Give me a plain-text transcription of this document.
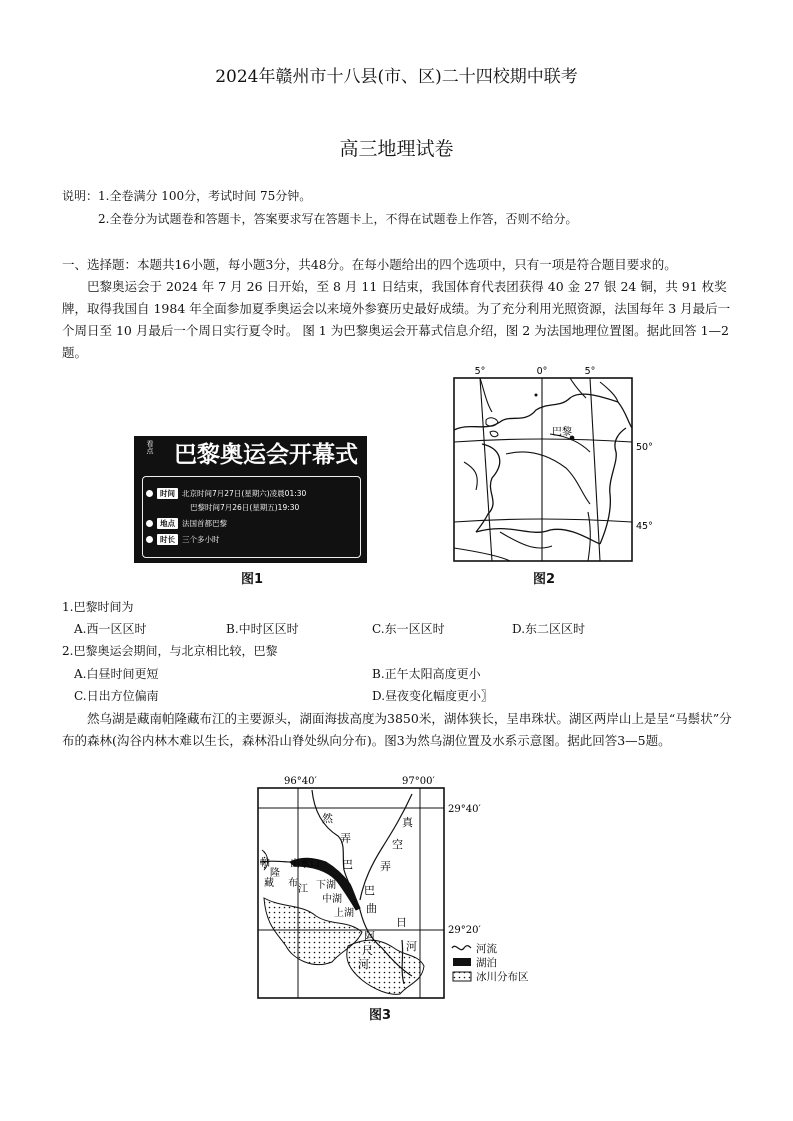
2024年赣州市十八县(市、区)二十四校期中联考
高三地理试卷
说明：1.全卷满分 100分，考试时间 75分钟。
2.全卷分为试题卷和答题卡，答案要求写在答题卡上，不得在试题卷上作答，否则不给分。
一、选择题：本题共16小题，每小题3分，共48分。在每小题给出的四个选项中，只有一项是符合题目要求的。
巴黎奥运会于 2024 年 7 月 26 日开始，至 8 月 11 日结束，我国体育代表团获得 40 金 27 银 24 铜，共 91 枚奖牌，取得我国自 1984 年全面参加夏季奥运会以来境外参赛历史最好成绩。为了充分利用光照资源，法国每年 3 月最后一个周日至 10 月最后一个周日实行夏令时。 图 1 为巴黎奥运会开幕式信息介绍，图 2 为法国地理位置图。据此回答 1—2 题。
看点 巴黎奥运会开幕式
时间 北京时间7月27日(星期六)凌晨01:30
巴黎时间7月26日(星期五)19:30
地点 法国首都巴黎
时长 三个多小时
图1
巴黎
5°	0°	5°
50°
45°
图2
1.巴黎时间为
A.西一区区时	B.中时区区时	C.东一区区时	D.东二区区时
2.巴黎奥运会期间，与北京相比较，巴黎
A.白昼时间更短	B.正午太阳高度更小
C.日出方位偏南	D.昼夜变化幅度更小〗
然乌湖是藏南帕隆藏布江的主要源头，湖面海拔高度为3850米，湖体狭长，呈串珠状。湖区两岸山上是呈“马鬃状”分布的森林(沟谷内林木难以生长，森林沿山脊处纵向分布)。图3为然乌湖位置及水系示意图。据此回答3—5题。
96°40′	97°00′
29°40′
29°20′
然
弄
真
空
弄
出水口 巴
巴
曲
下湖
中湖
上湖
日
阿
尺
河
河
帕
隆
藏 布
江
河流
湖泊
冰川分布区
图3
